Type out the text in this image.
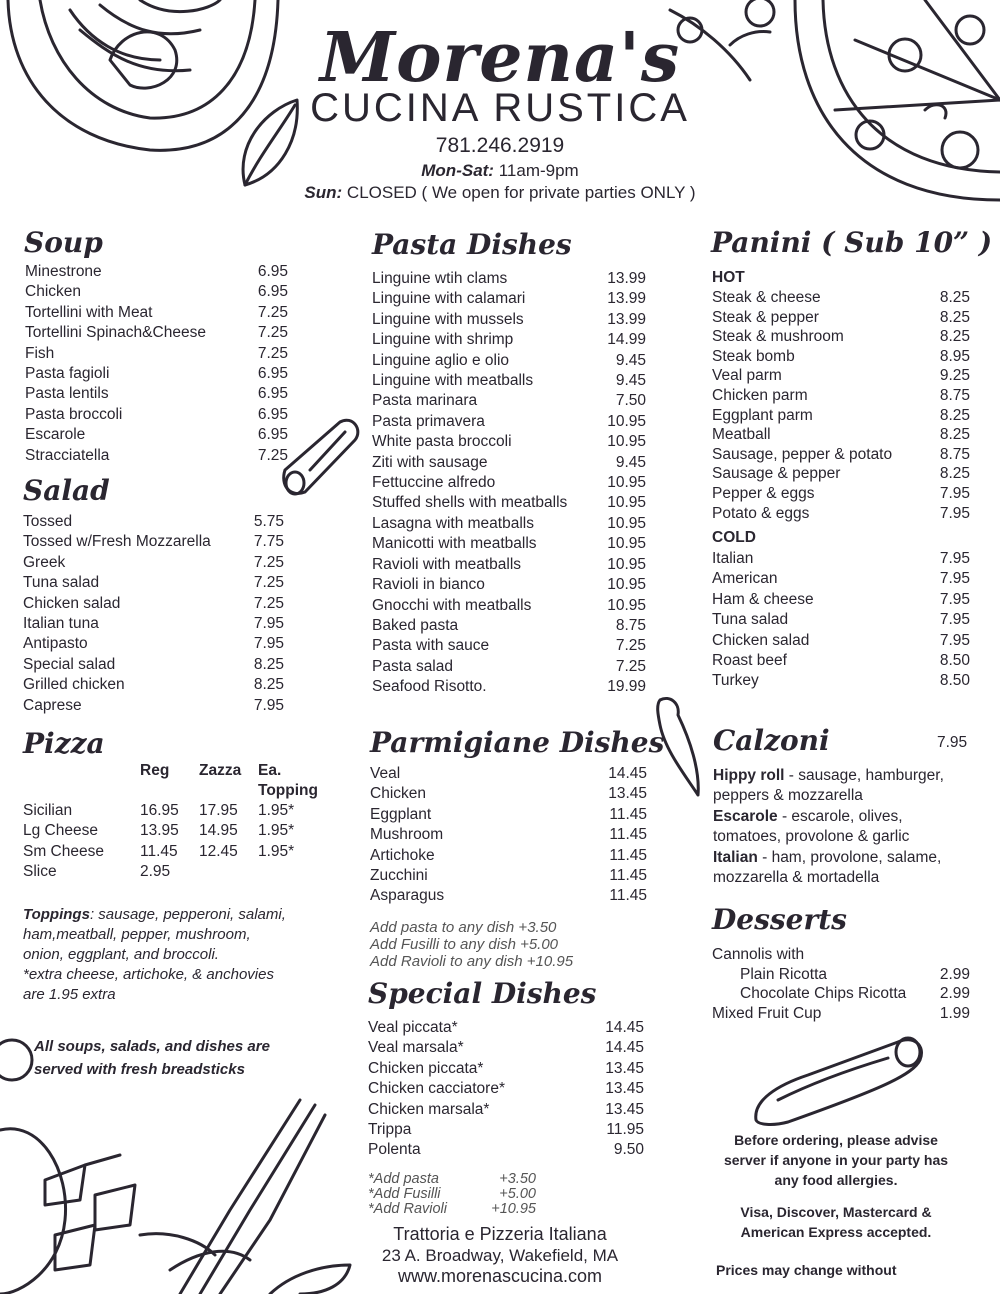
Morena's
CUCINA RUSTICA
781.246.2919
Mon-Sat: 11am-9pm
Sun: CLOSED ( We open for private parties ONLY )
Soup
Minestrone	6.95
Chicken	6.95
Tortellini with Meat	7.25
Tortellini Spinach&Cheese	7.25
Fish	7.25
Pasta fagioli	6.95
Pasta lentils	6.95
Pasta broccoli	6.95
Escarole	6.95
Stracciatella	7.25
Salad
Tossed	5.75
Tossed w/Fresh Mozzarella	7.75
Greek	7.25
Tuna salad	7.25
Chicken salad	7.25
Italian tuna	7.95
Antipasto	7.95
Special salad	8.25
Grilled chicken	8.25
Caprese	7.95
Pizza
Reg Zazza Ea.
Topping
Sicilian	16.95 17.95 1.95*
Lg Cheese	13.95 14.95 1.95*
Sm Cheese 11.45 12.45 1.95*
Slice	2.95
Toppings: sausage, pepperoni, salami,
ham,meatball, pepper, mushroom,
onion, eggplant, and broccoli.
*extra cheese, artichoke, & anchovies
are 1.95 extra
All soups, salads, and dishes are
served with fresh breadsticks
Pasta Dishes
Linguine wtih clams	13.99
Linguine with calamari	13.99
Linguine with mussels	13.99
Linguine with shrimp	14.99
Linguine aglio e olio	9.45
Linguine with meatballs	9.45
Pasta marinara	7.50
Pasta primavera	10.95
White pasta broccoli	10.95
Ziti with sausage	9.45
Fettuccine alfredo	10.95
Stuffed shells with meatballs	10.95
Lasagna with meatballs	10.95
Manicotti with meatballs	10.95
Ravioli with meatballs	10.95
Ravioli in bianco	10.95
Gnocchi with meatballs	10.95
Baked pasta	8.75
Pasta with sauce	7.25
Pasta salad	7.25
Seafood Risotto.	19.99
Parmigiane Dishes
Veal	14.45
Chicken	13.45
Eggplant	11.45
Mushroom	11.45
Artichoke	11.45
Zucchini	11.45
Asparagus	11.45
Add pasta to any dish +3.50
Add Fusilli to any dish +5.00
Add Ravioli to any dish +10.95
Special Dishes
Veal piccata*	14.45
Veal marsala*	14.45
Chicken piccata*	13.45
Chicken cacciatore*	13.45
Chicken marsala*	13.45
Trippa	11.95
Polenta	9.50
*Add pasta	+3.50
*Add Fusilli	+5.00
*Add Ravioli	+10.95
Trattoria e Pizzeria Italiana
23 A. Broadway, Wakefield, MA
www.morenascucina.com
Panini ( Sub 10” )
HOT
Steak & cheese	8.25
Steak & pepper	8.25
Steak & mushroom	8.25
Steak bomb	8.95
Veal parm	9.25
Chicken parm	8.75
Eggplant parm	8.25
Meatball	8.25
Sausage, pepper & potato	8.75
Sausage & pepper	8.25
Pepper & eggs	7.95
Potato & eggs	7.95
COLD
Italian	7.95
American	7.95
Ham & cheese	7.95
Tuna salad	7.95
Chicken salad	7.95
Roast beef	8.50
Turkey	8.50
Calzoni	7.95
Hippy roll - sausage, hamburger,
peppers & mozzarella
Escarole - escarole, olives,
tomatoes, provolone & garlic
Italian - ham, provolone, salame,
mozzarella & mortadella
Desserts
Cannolis with
Plain Ricotta	2.99
Chocolate Chips Ricotta 2.99
Mixed Fruit Cup	1.99
Before ordering, please advise
server if anyone in your party has
any food allergies.
Visa, Discover, Mastercard &
American Express accepted.
Prices may change without
